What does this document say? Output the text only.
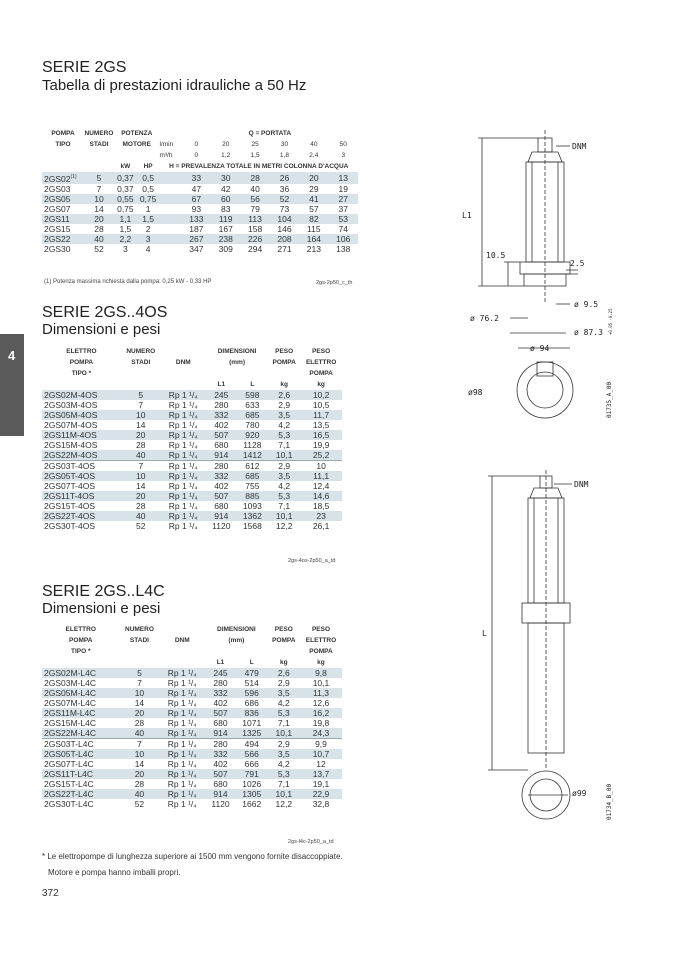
SERIE 2GS
Tabella di prestazioni idrauliche a 50 Hz
POMPA	NUMERO	POTENZA			Q = PORTATA					
TIPO	STADI	MOTORE		l/min	0	20	25	30	40	50
				m³/h	0	1,2	1,5	1,8	2,4	3
		kW	HP	H = PREVALENZA TOTALE IN METRI COLONNA D'ACQUA						
2GS02$^{(1)}$	5	0,37	0,5		33	30	28	26	20	13
2GS03	7	0,37	0,5		47	42	40	36	29	19
2GS05	10	0,55	0,75		67	60	56	52	41	27
2GS07	14	0,75	1		93	83	79	73	57	37
2GS11	20	1,1	1,5		133	119	113	104	82	53
2GS15	28	1,5	2		187	167	158	146	115	74
2GS22	40	2,2	3		267	238	226	208	164	106
2GS30	52	3	4		347	309	294	271	213	138
(1) Potenza massima richiesta dalla pompa: 0,25 kW - 0,33 HP	2gs-2p50_c_th
4
SERIE 2GS..4OS
Dimensioni e pesi
ELETTRO	NUMERO		DIMENSIONI		PESO	PESO
POMPA	STADI	DNM	(mm)		POMPA	ELETTRO
TIPO *						POMPA
			L1	L	kg	kg
2GS02M-4OS	5	Rp 1 ¹/₄	245	598	2,6	10,2
2GS03M-4OS	7	Rp 1 ¹/₄	280	633	2,9	10,5
2GS05M-4OS	10	Rp 1 ¹/₄	332	685	3,5	11,7
2GS07M-4OS	14	Rp 1 ¹/₄	402	780	4,2	13,5
2GS11M-4OS	20	Rp 1 ¹/₄	507	920	5,3	16,5
2GS15M-4OS	28	Rp 1 ¹/₄	680	1128	7,1	19,9
2GS22M-4OS	40	Rp 1 ¹/₄	914	1412	10,1	25,2
2GS03T-4OS	7	Rp 1 ¹/₄	280	612	2,9	10
2GS05T-4OS	10	Rp 1 ¹/₄	332	685	3,5	11,1
2GS07T-4OS	14	Rp 1 ¹/₄	402	755	4,2	12,4
2GS11T-4OS	20	Rp 1 ¹/₄	507	885	5,3	14,6
2GS15T-4OS	28	Rp 1 ¹/₄	680	1093	7,1	18,5
2GS22T-4OS	40	Rp 1 ¹/₄	914	1362	10,1	23
2GS30T-4OS	52	Rp 1 ¹/₄	1120	1568	12,2	26,1
2gs-4os-2p50_a_td
SERIE 2GS..L4C
Dimensioni e pesi
ELETTRO	NUMERO		DIMENSIONI		PESO	PESO
POMPA	STADI	DNM	(mm)		POMPA	ELETTRO
TIPO *						POMPA
			L1	L	kg	kg
2GS02M-L4C	5	Rp 1 ¹/₄	245	479	2,6	9,8
2GS03M-L4C	7	Rp 1 ¹/₄	280	514	2,9	10,1
2GS05M-L4C	10	Rp 1 ¹/₄	332	596	3,5	11,3
2GS07M-L4C	14	Rp 1 ¹/₄	402	686	4,2	12,6
2GS11M-L4C	20	Rp 1 ¹/₄	507	836	5,3	16,2
2GS15M-L4C	28	Rp 1 ¹/₄	680	1071	7,1	19,8
2GS22M-L4C	40	Rp 1 ¹/₄	914	1325	10,1	24,3
2GS03T-L4C	7	Rp 1 ¹/₄	280	494	2,9	9,9
2GS05T-L4C	10	Rp 1 ¹/₄	332	566	3,5	10,7
2GS07T-L4C	14	Rp 1 ¹/₄	402	666	4,2	12
2GS11T-L4C	20	Rp 1 ¹/₄	507	791	5,3	13,7
2GS15T-L4C	28	Rp 1 ¹/₄	680	1026	7,1	19,1
2GS22T-L4C	40	Rp 1 ¹/₄	914	1305	10,1	22,9
2GS30T-L4C	52	Rp 1 ¹/₄	1120	1662	12,2	32,8
2gs-l4c-2p50_a_td
* Le elettropompe di lunghezza superiore ai 1500 mm vengono fornite disaccoppiate.
Motore e pompa hanno imballi propri.
372
DNM
L1
10.5
2.5
ø 9.5
ø 76.2
ø 87.3 +0.05 -0.25
ø 94
ø98	01735_A_00
DNM
L
ø99	01734_B_00
